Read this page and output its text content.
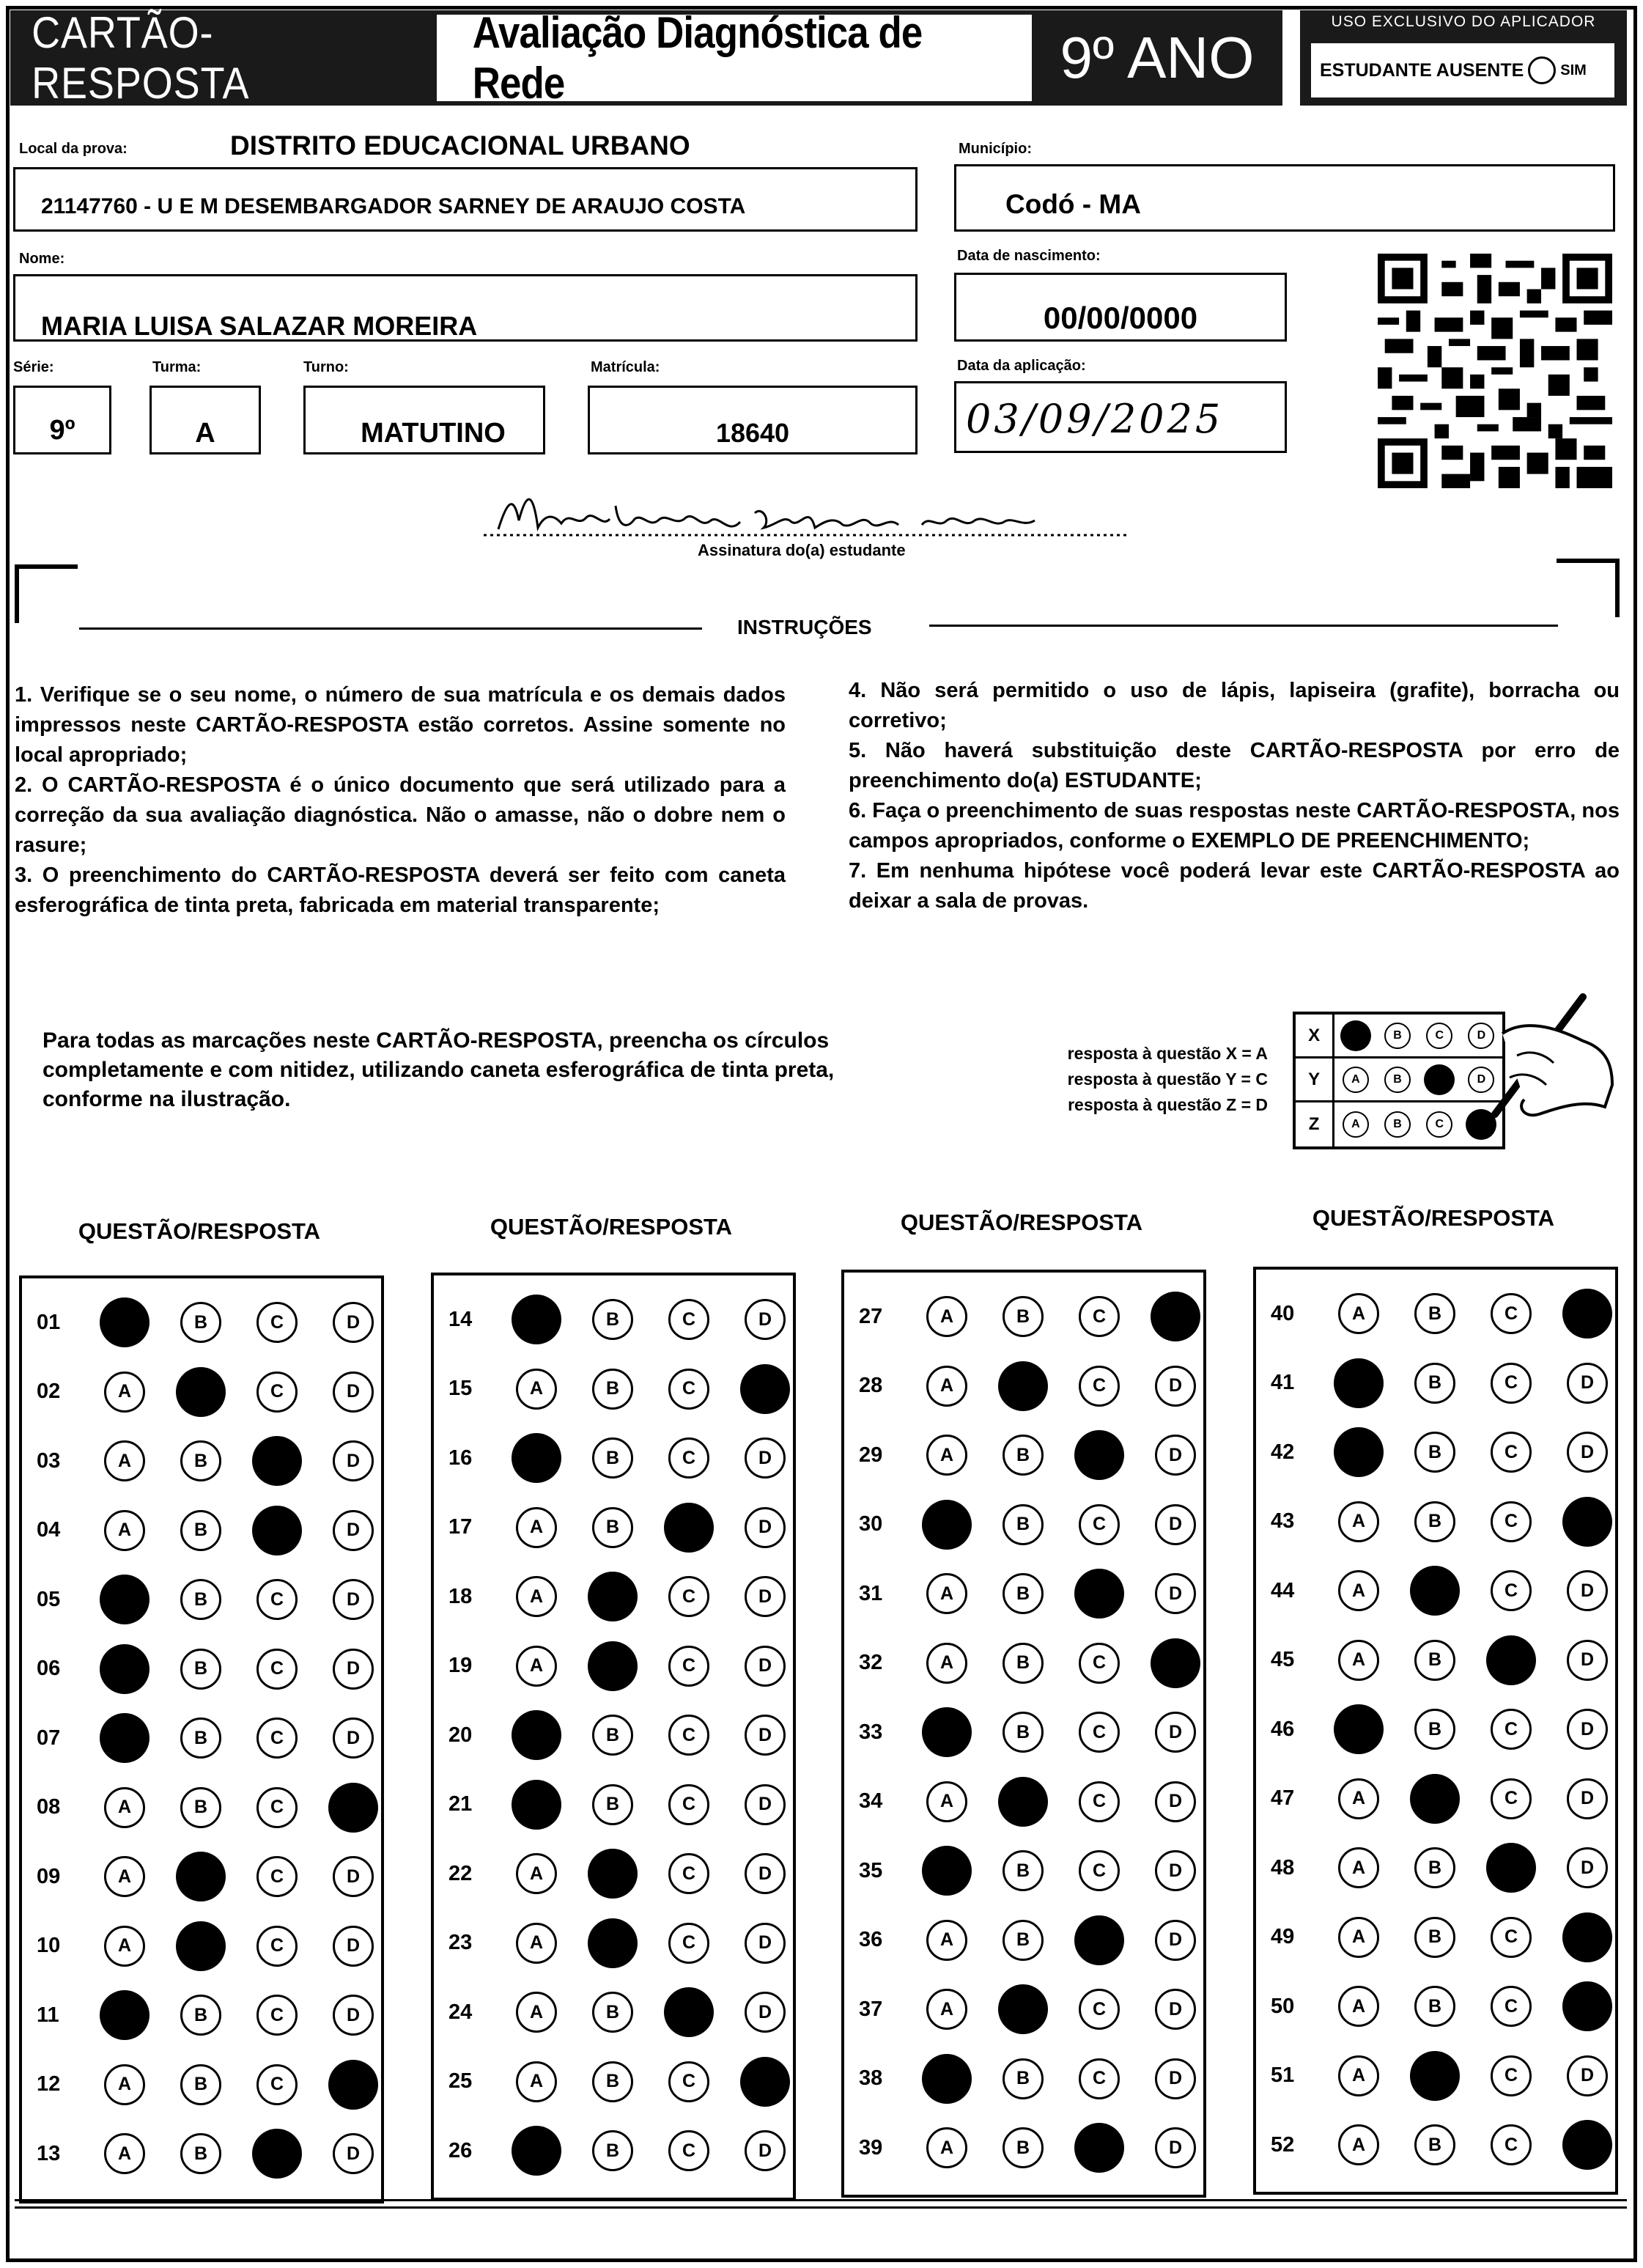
CARTÃO-RESPOSTA
Avaliação Diagnóstica de Rede	9º ANO
USO EXCLUSIVO DO APLICADOR
ESTUDANTE AUSENTE	SIM
Local da prova:	DISTRITO EDUCACIONAL URBANO
21147760 - U E M DESEMBARGADOR SARNEY DE ARAUJO COSTA
Município:
Codó - MA
Nome:
MARIA LUISA SALAZAR MOREIRA
Data de nascimento:
00/00/0000
Série:
9º
Turma:
A
Turno:
MATUTINO
Matrícula:
18640
Data da aplicação:
03/09/2025
Assinatura do(a) estudante
INSTRUÇÕES

1. Verifique se o seu nome, o número de sua matrícula e os demais dados impressos neste CARTÃO-RESPOSTA estão corretos. Assine somente no local apropriado;

2. O CARTÃO-RESPOSTA é o único documento que será utilizado para a correção da sua avaliação diagnóstica. Não o amasse, não o dobre nem o rasure;

3. O preenchimento do CARTÃO-RESPOSTA deverá ser feito com caneta esferográfica de tinta preta, fabricada em material transparente;

4. Não será permitido o uso de lápis, lapiseira (grafite), borracha ou corretivo;

5. Não haverá substituição deste CARTÃO-RESPOSTA por erro de preenchimento do(a) ESTUDANTE;

6. Faça o preenchimento de suas respostas neste CARTÃO-RESPOSTA, nos campos apropriados, conforme o EXEMPLO DE PREENCHIMENTO;

7. Em nenhuma hipótese você poderá levar este CARTÃO-RESPOSTA ao deixar a sala de provas.

Para todas as marcações neste CARTÃO-RESPOSTA, preencha os círculos completamente e com nitidez, utilizando caneta esferográfica de tinta preta, conforme na ilustração.
resposta à questão X = A
resposta à questão Y = C
resposta à questão Z = D
X	B	C	D
Y	A	B	D
Z	A	B	C
QUESTÃO/RESPOSTA
01	B	C	D
02	A	C	D
03	A	B	D
04	A	B	D
05	B	C	D
06	B	C	D
07	B	C	D
08	A	B	C
09	A	C	D
10	A	C	D
11	B	C	D
12	A	B	C
13	A	B	D
QUESTÃO/RESPOSTA
14	B	C	D
15	A	B	C
16	B	C	D
17	A	B	D
18	A	C	D
19	A	C	D
20	B	C	D
21	B	C	D
22	A	C	D
23	A	C	D
24	A	B	D
25	A	B	C
26	B	C	D
QUESTÃO/RESPOSTA
27	A	B	C
28	A	C	D
29	A	B	D
30	B	C	D
31	A	B	D
32	A	B	C
33	B	C	D
34	A	C	D
35	B	C	D
36	A	B	D
37	A	C	D
38	B	C	D
39	A	B	D
QUESTÃO/RESPOSTA
40	A	B	C
41	B	C	D
42	B	C	D
43	A	B	C
44	A	C	D
45	A	B	D
46	B	C	D
47	A	C	D
48	A	B	D
49	A	B	C
50	A	B	C
51	A	C	D
52	A	B	C
